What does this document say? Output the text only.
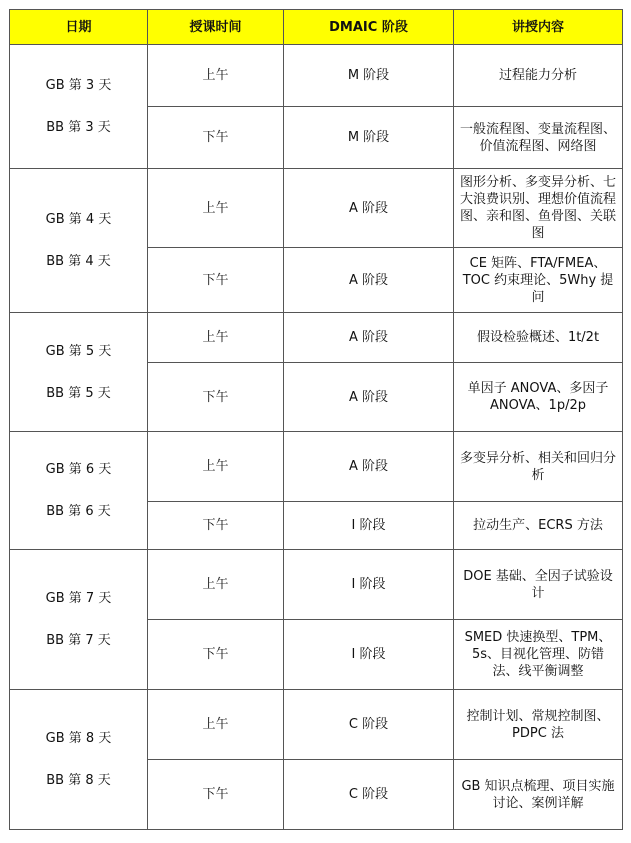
日期	授课时间	DMAIC 阶段	讲授内容

GB 第 3 天
BB 第 3 天	上午	M 阶段	过程能力分析
	下午	M 阶段	一般流程图、变量流程图、价值流程图、网络图

GB 第 4 天
BB 第 4 天	上午	A 阶段	图形分析、多变异分析、七大浪费识别、理想价值流程图、亲和图、鱼骨图、关联图
	下午	A 阶段	CE 矩阵、FTA/FMEA、TOC 约束理论、5Why 提问

GB 第 5 天
BB 第 5 天	上午	A 阶段	假设检验概述、1t/2t
	下午	A 阶段	单因子 ANOVA、多因子 ANOVA、1p/2p

GB 第 6 天
BB 第 6 天	上午	A 阶段	多变异分析、相关和回归分析
	下午	I 阶段	拉动生产、ECRS 方法

GB 第 7 天
BB 第 7 天	上午	I 阶段	DOE 基础、全因子试验设计
	下午	I 阶段	SMED 快速换型、TPM、5s、目视化管理、防错法、线平衡调整

GB 第 8 天
BB 第 8 天	上午	C 阶段	控制计划、常规控制图、PDPC 法
	下午	C 阶段	GB 知识点梳理、项目实施讨论、案例详解
